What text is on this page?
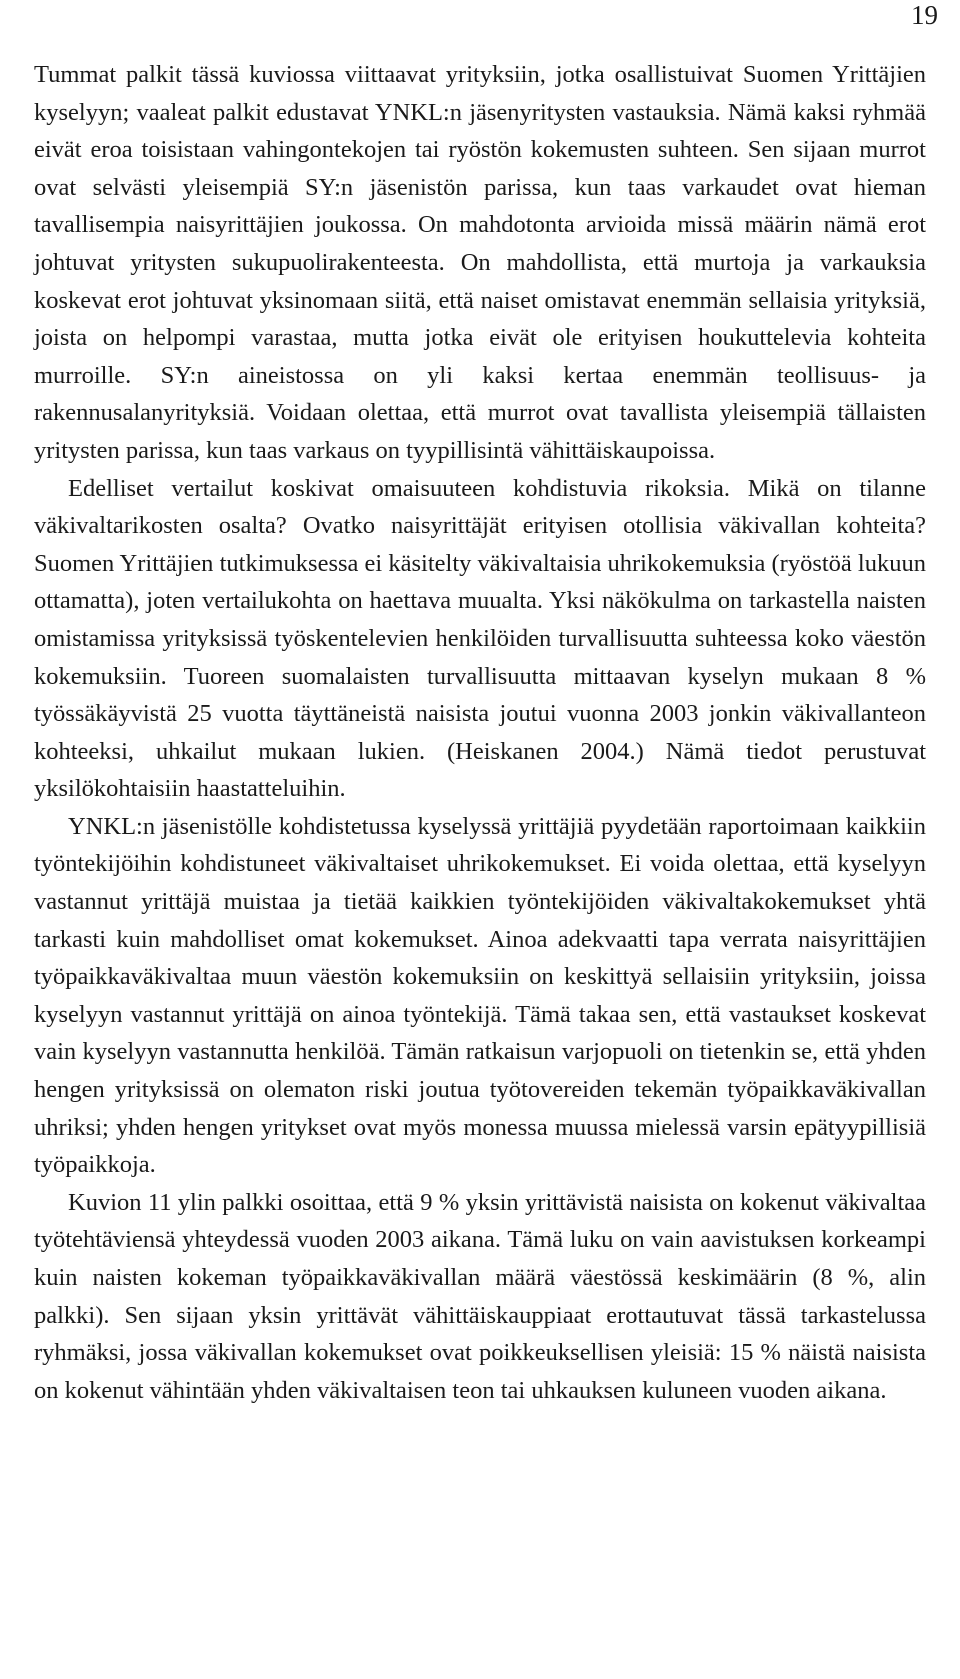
19

Tummat palkit tässä kuviossa viittaavat yrityksiin, jotka osallistuivat Suomen Yrittäjien kyselyyn; vaaleat palkit edustavat YNKL:n jäsenyritysten vastauksia. Nämä kaksi ryhmää eivät eroa toisistaan vahingontekojen tai ryöstön kokemusten suhteen. Sen sijaan murrot ovat selvästi yleisempiä SY:n jäsenistön parissa, kun taas varkaudet ovat hieman tavallisempia naisyrittäjien joukossa. On mahdotonta arvioida missä määrin nämä erot johtuvat yritysten sukupuolirakenteesta. On mahdollista, että murtoja ja varkauksia koskevat erot johtuvat yksinomaan siitä, että naiset omistavat enemmän sellaisia yrityksiä, joista on helpompi varastaa, mutta jotka eivät ole erityisen houkuttelevia kohteita murroille. SY:n aineistossa on yli kaksi kertaa enemmän teollisuus- ja rakennusalanyrityksiä. Voidaan olettaa, että murrot ovat tavallista yleisempiä tällaisten yritysten parissa, kun taas varkaus on tyypillisintä vähittäiskaupoissa.

Edelliset vertailut koskivat omaisuuteen kohdistuvia rikoksia. Mikä on tilanne väkivaltarikosten osalta? Ovatko naisyrittäjät erityisen otollisia väkivallan kohteita? Suomen Yrittäjien tutkimuksessa ei käsitelty väkivaltaisia uhrikokemuksia (ryöstöä lukuun ottamatta), joten vertailukohta on haettava muualta. Yksi näkökulma on tarkastella naisten omistamissa yrityksissä työskentelevien henkilöiden turvallisuutta suhteessa koko väestön kokemuksiin. Tuoreen suomalaisten turvallisuutta mittaavan kyselyn mukaan 8 % työssäkäyvistä 25 vuotta täyttäneistä naisista joutui vuonna 2003 jonkin väkivallanteon kohteeksi, uhkailut mukaan lukien. (Heiskanen 2004.) Nämä tiedot perustuvat yksilökohtaisiin haastatteluihin.

YNKL:n jäsenistölle kohdistetussa kyselyssä yrittäjiä pyydetään raportoimaan kaikkiin työntekijöihin kohdistuneet väkivaltaiset uhrikokemukset. Ei voida olettaa, että kyselyyn vastannut yrittäjä muistaa ja tietää kaikkien työntekijöiden väkivaltakokemukset yhtä tarkasti kuin mahdolliset omat kokemukset. Ainoa adekvaatti tapa verrata naisyrittäjien työpaikkaväkivaltaa muun väestön kokemuksiin on keskittyä sellaisiin yrityksiin, joissa kyselyyn vastannut yrittäjä on ainoa työntekijä. Tämä takaa sen, että vastaukset koskevat vain kyselyyn vastannutta henkilöä. Tämän ratkaisun varjopuoli on tietenkin se, että yhden hengen yrityksissä on olematon riski joutua työtovereiden tekemän työpaikkaväkivallan uhriksi; yhden hengen yritykset ovat myös monessa muussa mielessä varsin epätyypillisiä työpaikkoja.

Kuvion 11 ylin palkki osoittaa, että 9 % yksin yrittävistä naisista on kokenut väkivaltaa työtehtäviensä yhteydessä vuoden 2003 aikana. Tämä luku on vain aavistuksen korkeampi kuin naisten kokeman työpaikkaväkivallan määrä väestössä keskimäärin (8 %, alin palkki). Sen sijaan yksin yrittävät vähittäiskauppiaat erottautuvat tässä tarkastelussa ryhmäksi, jossa väkivallan kokemukset ovat poikkeuksellisen yleisiä: 15 % näistä naisista on kokenut vähintään yhden väkivaltaisen teon tai uhkauksen kuluneen vuoden aikana.
